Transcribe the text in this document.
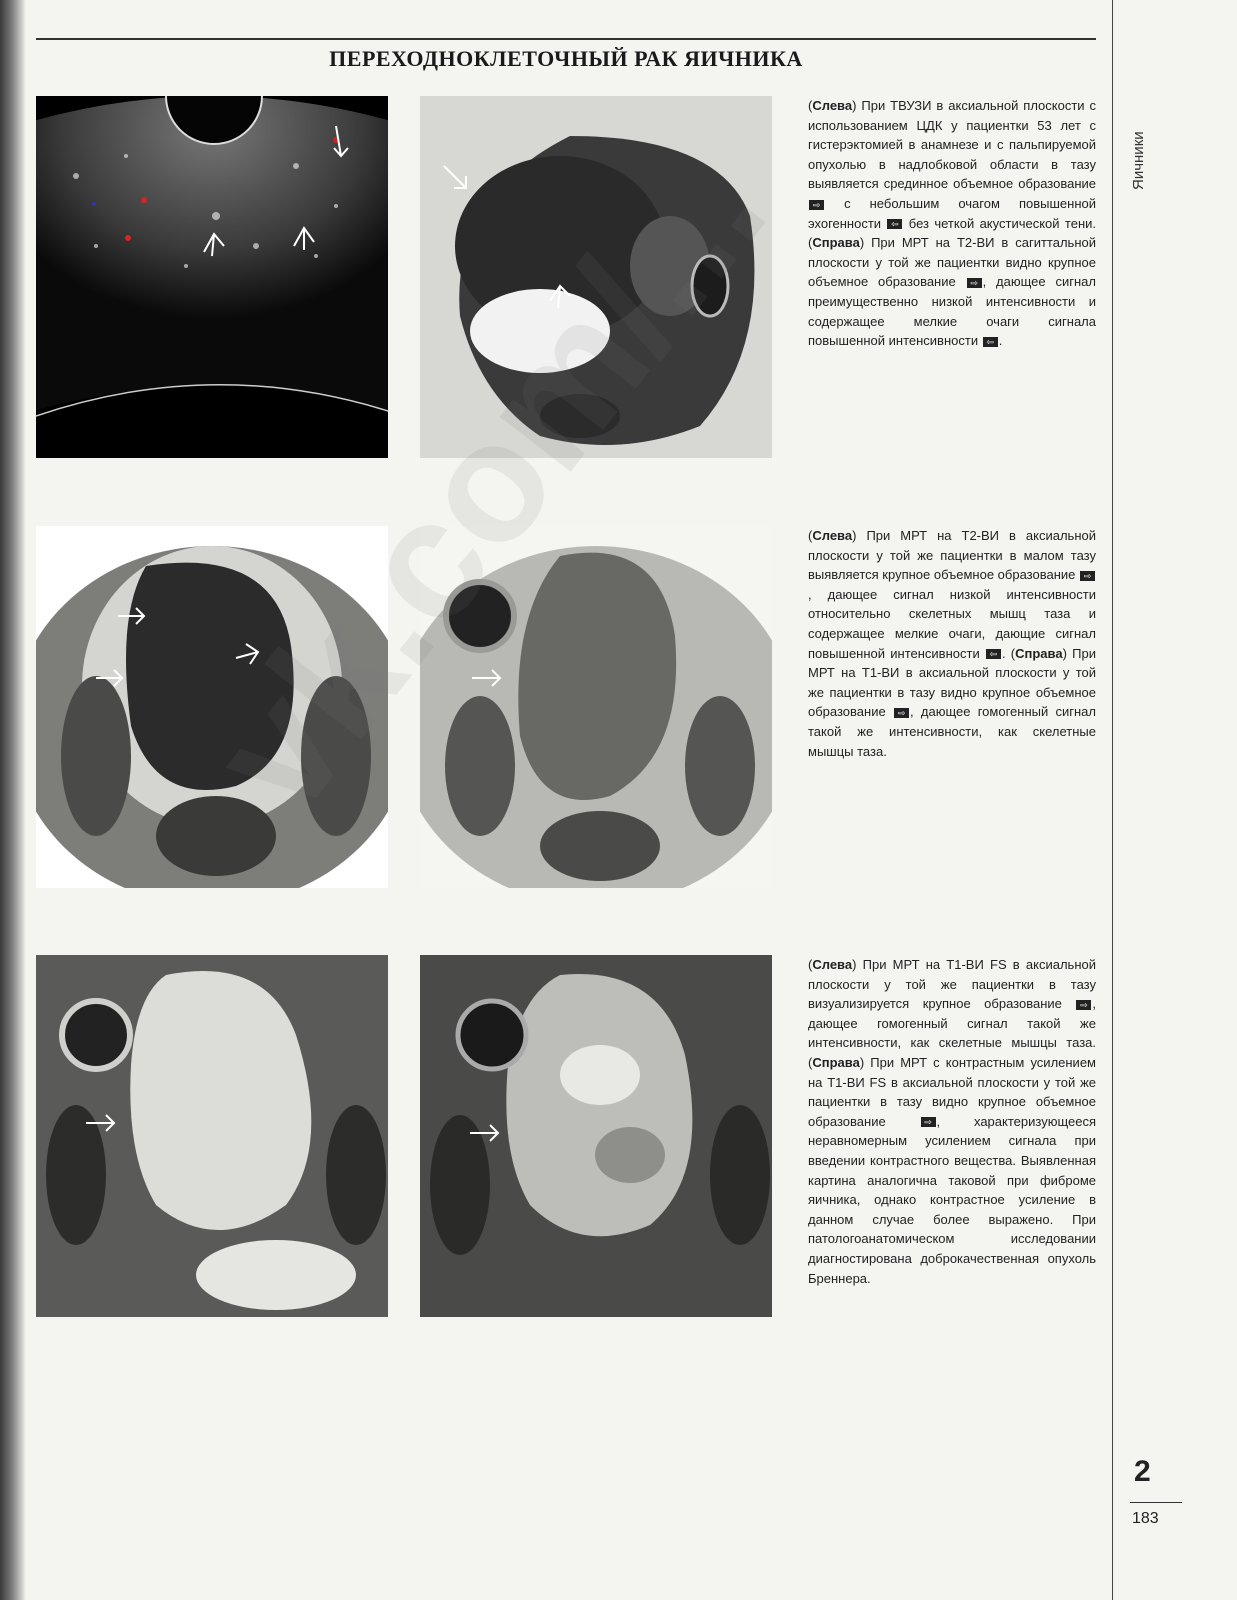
ПЕРЕХОДНОКЛЕТОЧНЫЙ РАК ЯИЧНИКА
Яичники
2
183
(Слева) При ТВУЗИ в аксиальной плоскости с использованием ЦДК у пациентки 53 лет с гистерэктомией в анамнезе и с пальпируемой опухолью в надлобковой области в тазу выявляется срединное объемное образование ⇨ с небольшим очагом повышенной эхогенности ⇦ без четкой акустической тени. (Справа) При МРТ на Т2-ВИ в сагиттальной плоскости у той же пациентки видно крупное объемное образование ⇨ , дающее сигнал преимущественно низкой интенсивности и содержащее мелкие очаги сигнала повышенной интенсивности ⇦ .
(Слева) При МРТ на Т2-ВИ в аксиальной плоскости у той же пациентки в малом тазу выявляется крупное объемное образование ⇨, дающее сигнал низкой интенсивности относительно скелетных мышц таза и содержащее мелкие очаги, дающие сигнал повышенной интенсивности ⇦ . (Справа) При МРТ на Т1-ВИ в аксиальной плоскости у той же пациентки в тазу видно крупное объемное образование ⇨ , дающее гомогенный сигнал такой же интенсивности, как скелетные мышцы таза.
(Слева) При МРТ на Т1-ВИ FS в аксиальной плоскости у той же пациентки в тазу визуализируется крупное образование ⇨ , дающее гомогенный сигнал такой же интенсивности, как скелетные мышцы таза. (Справа) При МРТ с контрастным усилением на Т1-ВИ FS в аксиальной плоскости у той же пациентки в тазу видно крупное объемное образование ⇨ , характеризующееся неравномерным усилением сигнала при введении контрастного вещества. Выявленная картина аналогична таковой при фиброме яичника, однако контрастное усиление в данном случае более выражено. При патологоанатомическом исследовании диагностирована доброкачественная опухоль Бреннера.
vk.com/...
